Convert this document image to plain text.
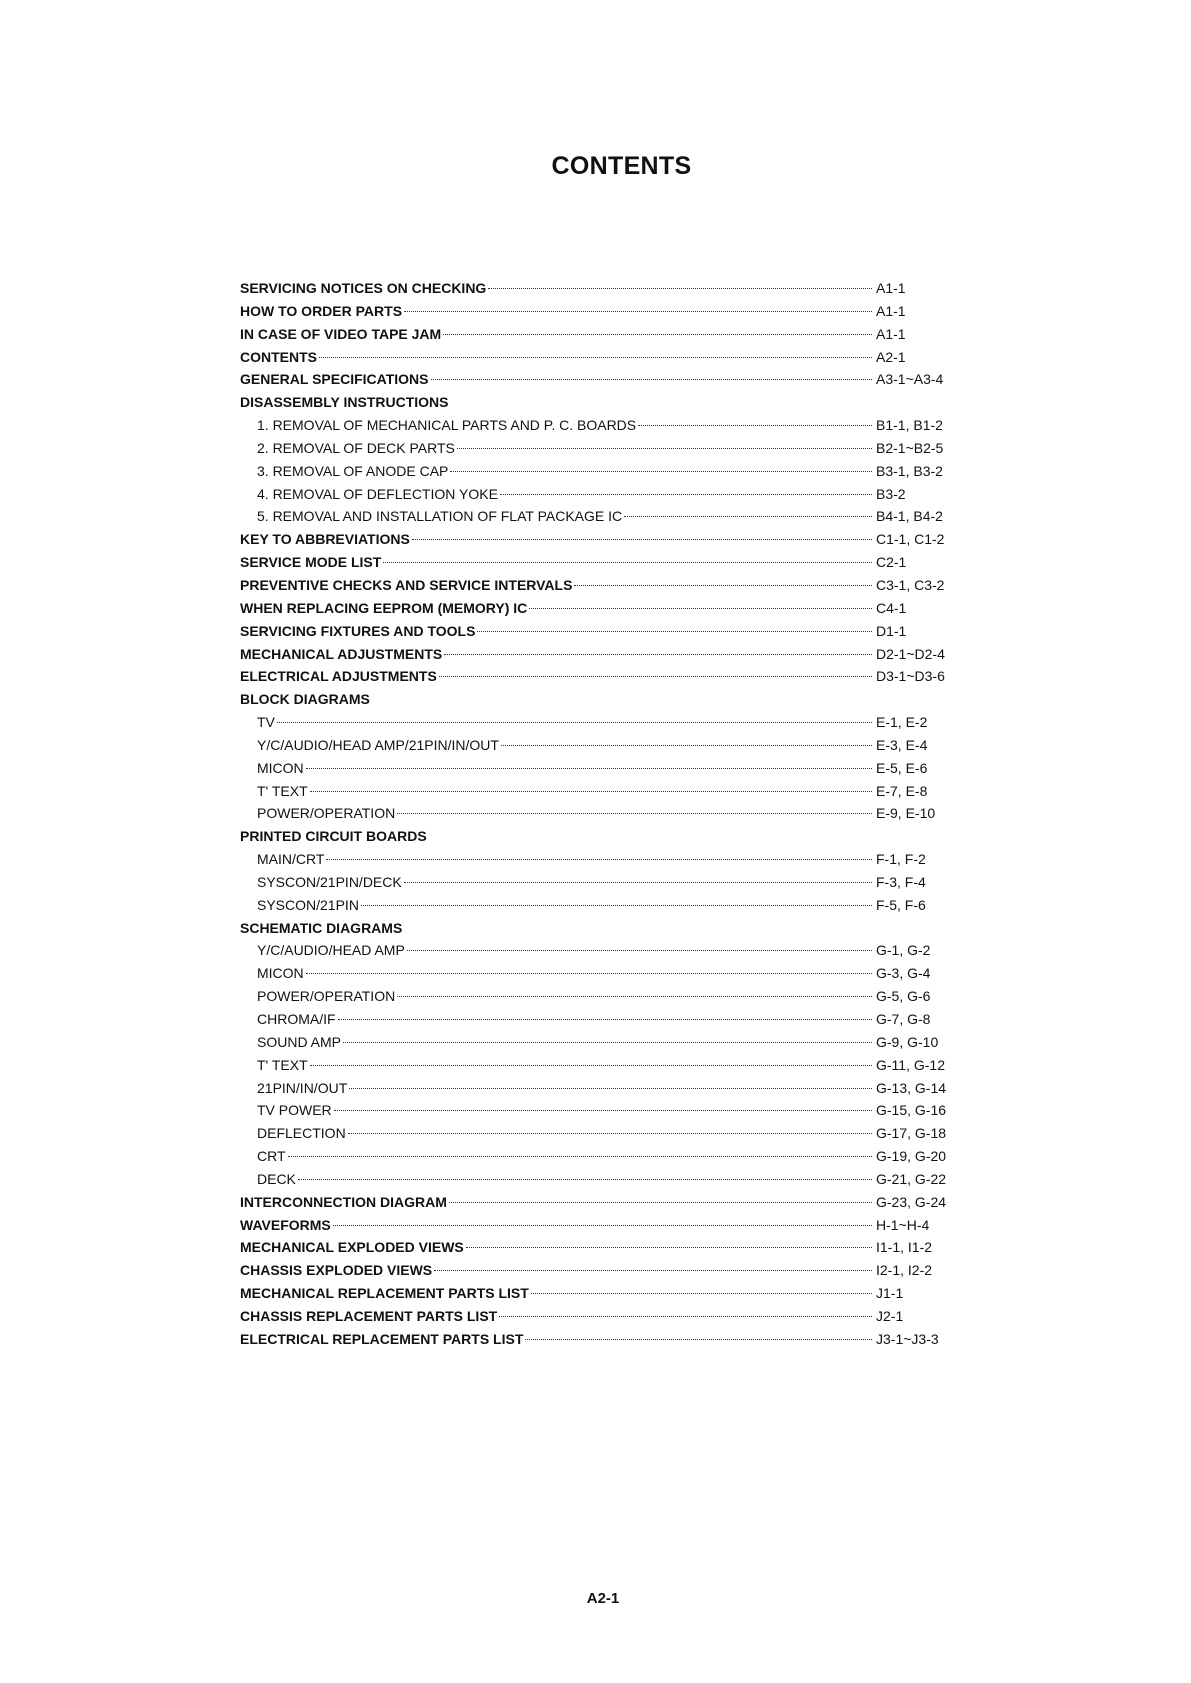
CONTENTS
SERVICING NOTICES ON CHECKING	A1-1
HOW TO ORDER PARTS	A1-1
IN CASE OF VIDEO TAPE JAM	A1-1
CONTENTS	A2-1
GENERAL SPECIFICATIONS	A3-1~A3-4
DISASSEMBLY INSTRUCTIONS
1. REMOVAL OF MECHANICAL PARTS AND P. C. BOARDS	B1-1, B1-2
2. REMOVAL OF DECK PARTS	B2-1~B2-5
3. REMOVAL OF ANODE CAP	B3-1, B3-2
4. REMOVAL OF DEFLECTION YOKE	B3-2
5. REMOVAL AND INSTALLATION OF FLAT PACKAGE IC	B4-1, B4-2
KEY TO ABBREVIATIONS	C1-1, C1-2
SERVICE MODE LIST	C2-1
PREVENTIVE CHECKS AND SERVICE INTERVALS	C3-1, C3-2
WHEN REPLACING EEPROM (MEMORY) IC	C4-1
SERVICING FIXTURES AND TOOLS	D1-1
MECHANICAL ADJUSTMENTS	D2-1~D2-4
ELECTRICAL ADJUSTMENTS	D3-1~D3-6
BLOCK DIAGRAMS
TV	E-1, E-2
Y/C/AUDIO/HEAD AMP/21PIN/IN/OUT	E-3, E-4
MICON	E-5, E-6
T' TEXT	E-7, E-8
POWER/OPERATION	E-9, E-10
PRINTED CIRCUIT BOARDS
MAIN/CRT	F-1, F-2
SYSCON/21PIN/DECK	F-3, F-4
SYSCON/21PIN	F-5, F-6
SCHEMATIC DIAGRAMS
Y/C/AUDIO/HEAD AMP	G-1, G-2
MICON	G-3, G-4
POWER/OPERATION	G-5, G-6
CHROMA/IF	G-7, G-8
SOUND AMP	G-9, G-10
T' TEXT	G-11, G-12
21PIN/IN/OUT	G-13, G-14
TV POWER	G-15, G-16
DEFLECTION	G-17, G-18
CRT	G-19, G-20
DECK	G-21, G-22
INTERCONNECTION DIAGRAM	G-23, G-24
WAVEFORMS	H-1~H-4
MECHANICAL EXPLODED VIEWS	I1-1, I1-2
CHASSIS EXPLODED VIEWS	I2-1, I2-2
MECHANICAL REPLACEMENT PARTS LIST	J1-1
CHASSIS REPLACEMENT PARTS LIST	J2-1
ELECTRICAL REPLACEMENT PARTS LIST	J3-1~J3-3
A2-1
